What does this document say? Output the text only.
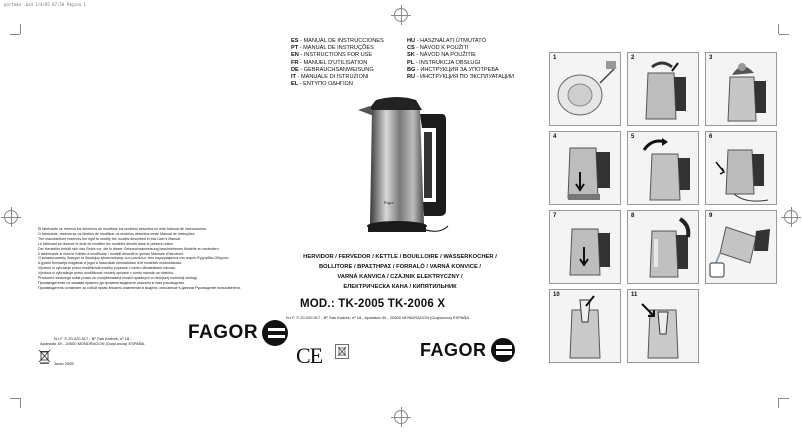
portada .qxd 1/4/05 07:58 Página 1
El fabricante se reserva los derechos de modificar los modelos descritos en este Manual de Instrucciones.
O fabricante, reserva-se os direitos de modificar os modelos descritos neste Manual de Instruções.
The manufacturer reserves the right to modify the models described in this User's Manual.
Le fabricant se réserve le droit de modifier les modèles décrits dans le présent notice.
Der Hersteller behält sich das Recht vor, die in dieser Gebrauchsanweisung beschriebenen Modelle zu verändern.
Il fabbricante si riserva il diritto a modificare i modelli descritti in questo Manuale d'Istruzioni.
O κατασκευαστής διατηρεί το δικαίωμα τροποποίησης των μοντέλων που περιγράφονται στο παρόν Εγχειρίδιο Οδηγιών.
A gyártó fenntartja magának a jogot a használati útmutatóban leírt modellek módosítására.
Výrobce si vyhrazuje právo modifikovat modely popsané v tomto uživatelském návodu.
Výrobca si vyhradzuje právo modifikovať modely opísané v tomto návode na obsluhu.
Producent zastrzega sobie prawo do modyfikowania modeli opisanych w niniejszej instrukcji obsługi.
Производителят си запазва правото да променя моделите описани в това ръководство.
Производитель оставляет за собой право вносить изменения в модели, описанные в данном Руководстве пользователя.
FAGOR
N.I.F. F-20.020.517 - Bº San Andrés, nº 18 -
Apartado 49 - 20500 MONDRAGON (Guipúzcoa) ESPAÑA
Junio 2005
ES - MANUAL DE INSTRUCCIONES
PT - MANUAL DE INSTRUÇÕES
EN - INSTRUCTIONS FOR USE
FR - MANUEL D'UTILISATION
DE - GEBRAUCHSANWEISUNG
IT - MANUALE DI ISTRUZIONI
EL - ΕΝΤΥΠΟ ΟΔΗΓΙΩΝ
HU - HASZNÁLATI ÚTMUTATÓ
CS - NÁVOD K POUŽITÍ
SK - NÁVOD NA POUŽITIE
PL - INSTRUKCJA OBSŁUGI
BG - ИНСТРУКЦИЯ ЗА УПОТРЕБА
RU - ИНСТРУКЦИЯ ПО ЭКСПЛУАТАЦИИ
Fagor
HERVIDOR / FERVEDOR / KETTLE / BOUILLOIRE / WASSERKOCHER /
BOLLITORE / ΒΡΑΣΤΗΡΑΣ / FORRALÓ / VARNÁ KONVICE /
VARNÁ KANVICA / CZAJNIK ELEKTRYCZNY /
ЕЛЕКТРИЧЕСКА КАНА / КИПЯТИЛЬНИК
MOD.: TK-2005 TK-2006 X
N.I.F. F-20.020.517 - Bº San Andrés, nº 18 - Apartado 49 - 20500 MONDRAGON (Guipúzcoa) ESPAÑA
CE	FAGOR
1	2	3
4	5	6
7	8	9
10	11
